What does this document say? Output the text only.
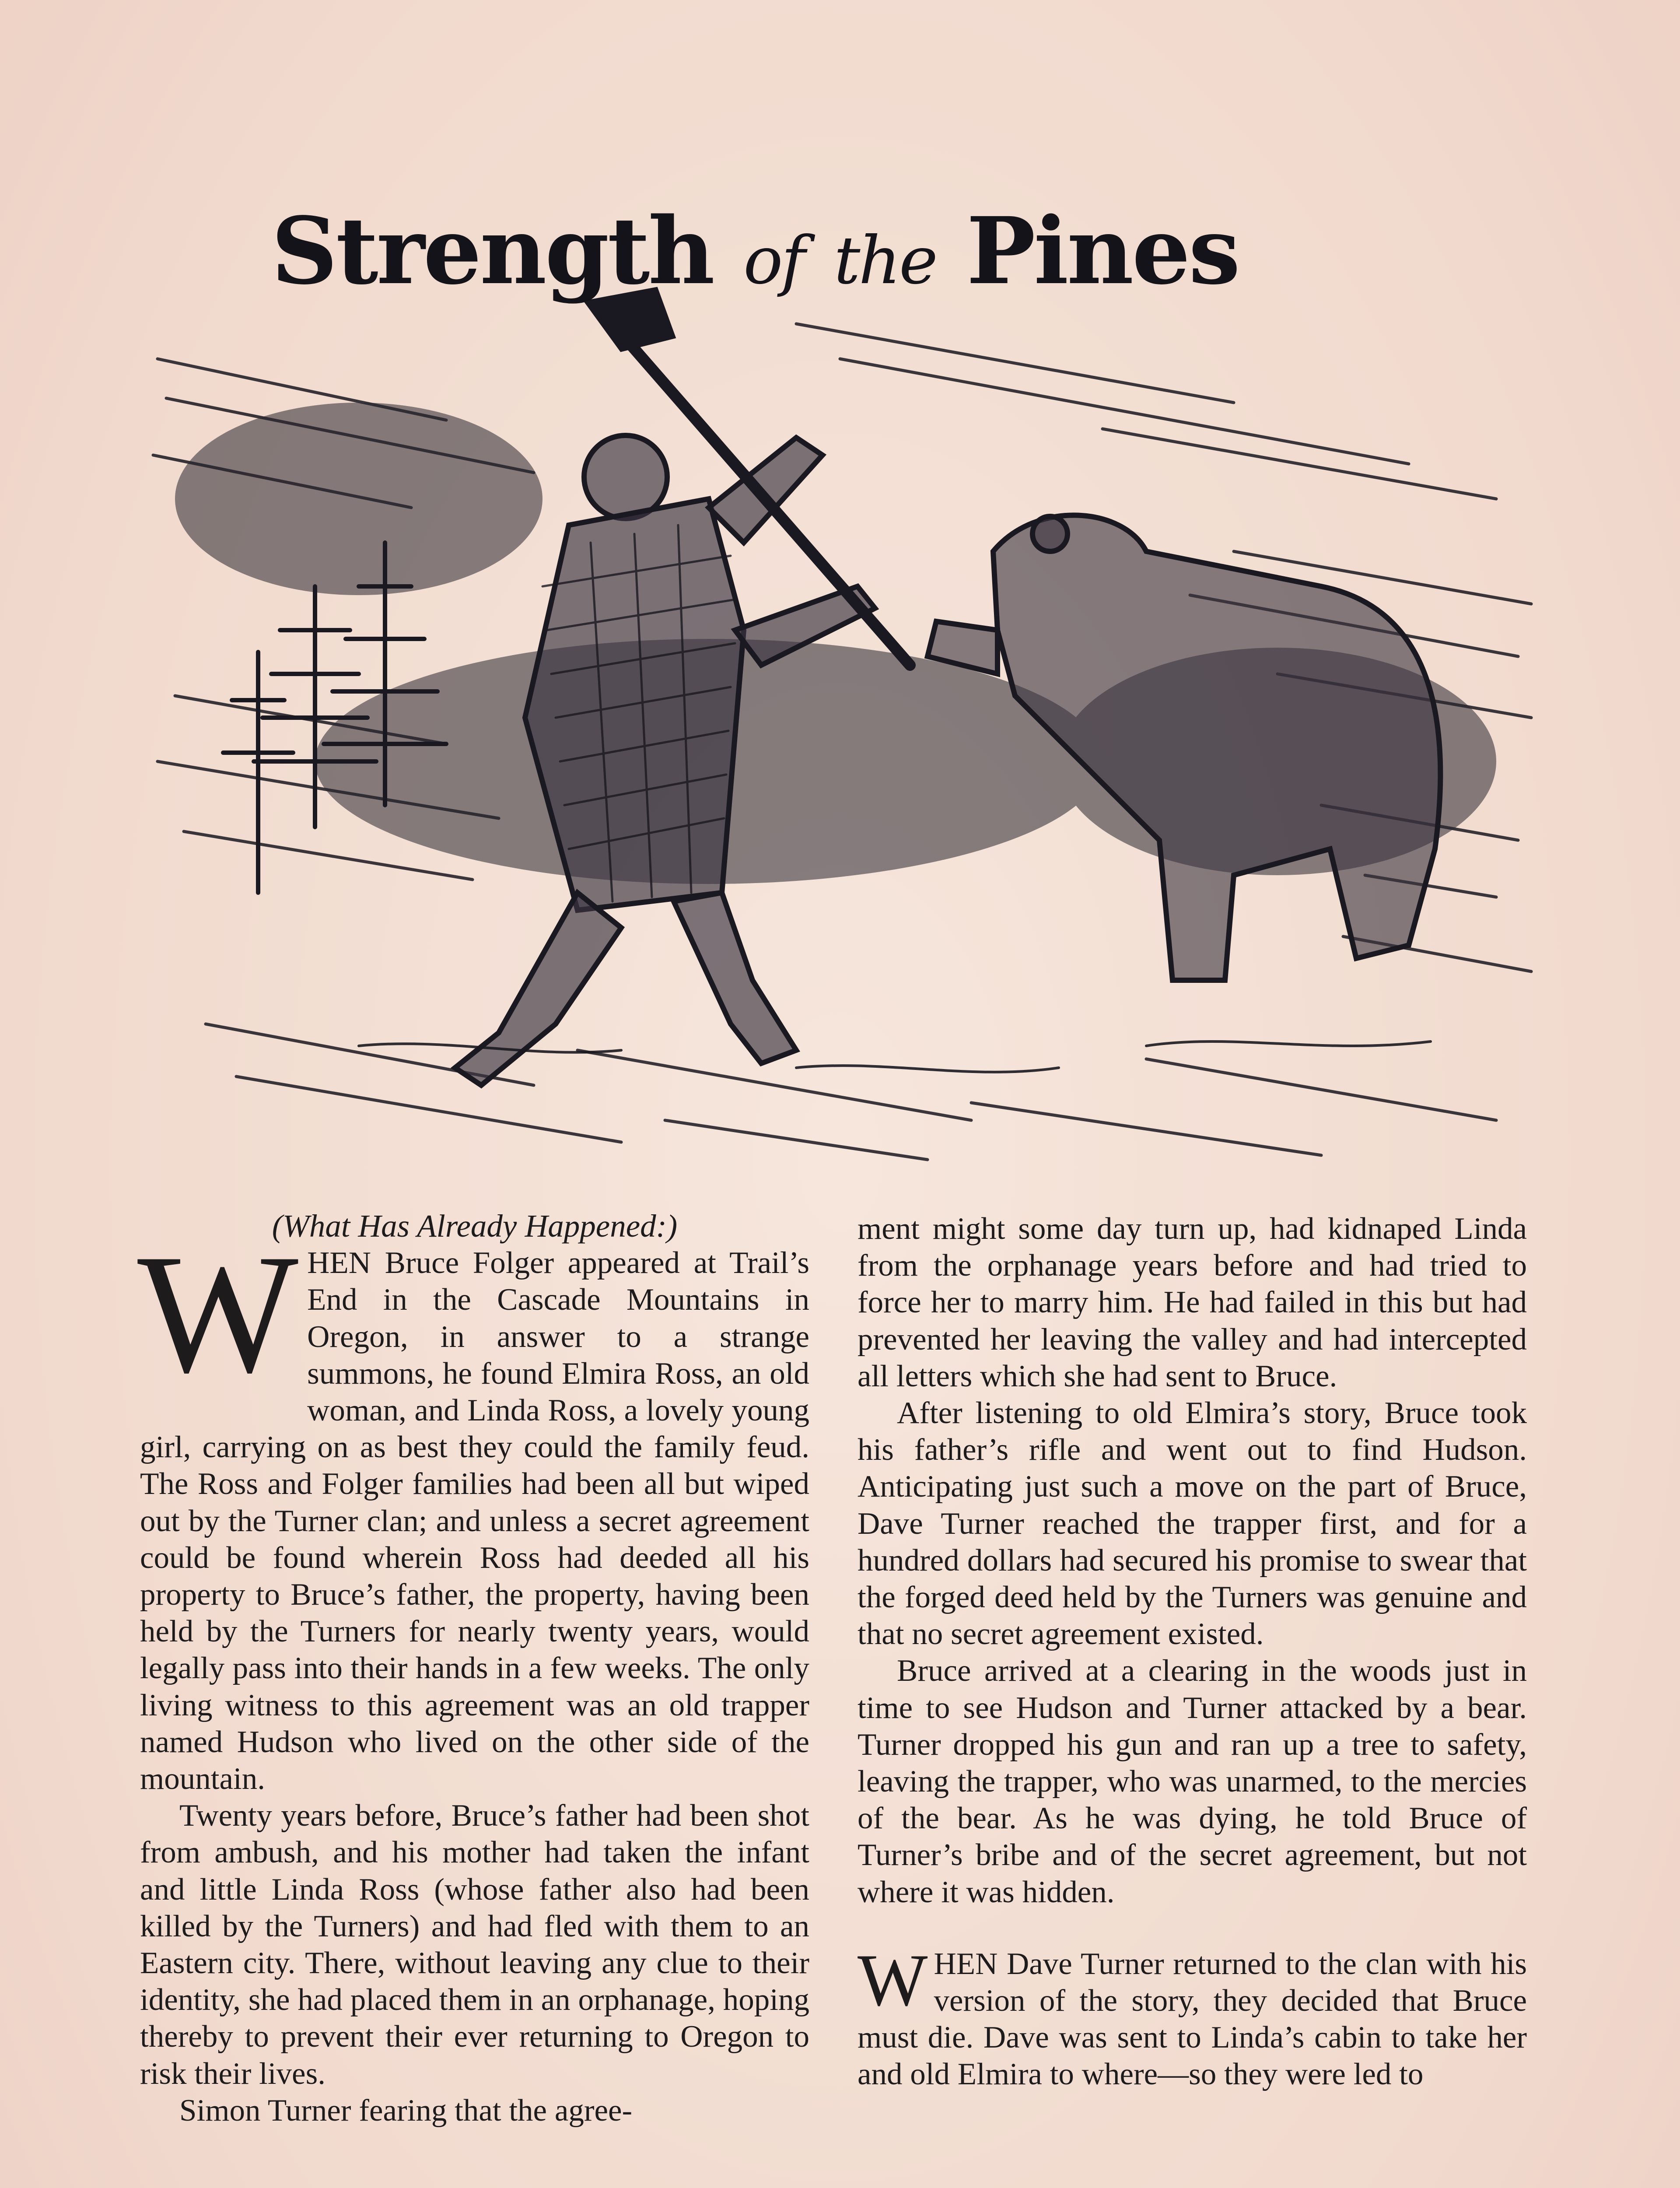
Strength of the Pines

(What Has Already Happened:)

WHEN Bruce Folger appeared at Trail’s End in the Cascade Mountains in Oregon, in answer to a strange summons, he found Elmira Ross, an old woman, and Linda Ross, a lovely young girl, carrying on as best they could the family feud. The Ross and Folger families had been all but wiped out by the Turner clan; and unless a secret agreement could be found wherein Ross had deeded all his property to Bruce’s father, the property, having been held by the Turners for nearly twenty years, would legally pass into their hands in a few weeks. The only living witness to this agreement was an old trapper named Hudson who lived on the other side of the mountain.

Twenty years before, Bruce’s father had been shot from ambush, and his mother had taken the infant and little Linda Ross (whose father also had been killed by the Turners) and had fled with them to an Eastern city. There, without leaving any clue to their identity, she had placed them in an orphanage, hoping thereby to prevent their ever returning to Oregon to risk their lives.

Simon Turner fearing that the agree-

ment might some day turn up, had kidnaped Linda from the orphanage years before and had tried to force her to marry him. He had failed in this but had prevented her leaving the valley and had intercepted all letters which she had sent to Bruce.

After listening to old Elmira’s story, Bruce took his father’s rifle and went out to find Hudson. Anticipating just such a move on the part of Bruce, Dave Turner reached the trapper first, and for a hundred dollars had secured his promise to swear that the forged deed held by the Turners was genuine and that no secret agreement existed.

Bruce arrived at a clearing in the woods just in time to see Hudson and Turner attacked by a bear. Turner dropped his gun and ran up a tree to safety, leaving the trapper, who was unarmed, to the mercies of the bear. As he was dying, he told Bruce of Turner’s bribe and of the secret agreement, but not where it was hidden.

WHEN Dave Turner returned to the clan with his version of the story, they decided that Bruce must die. Dave was sent to Linda’s cabin to take her and old Elmira to where—so they were led to
